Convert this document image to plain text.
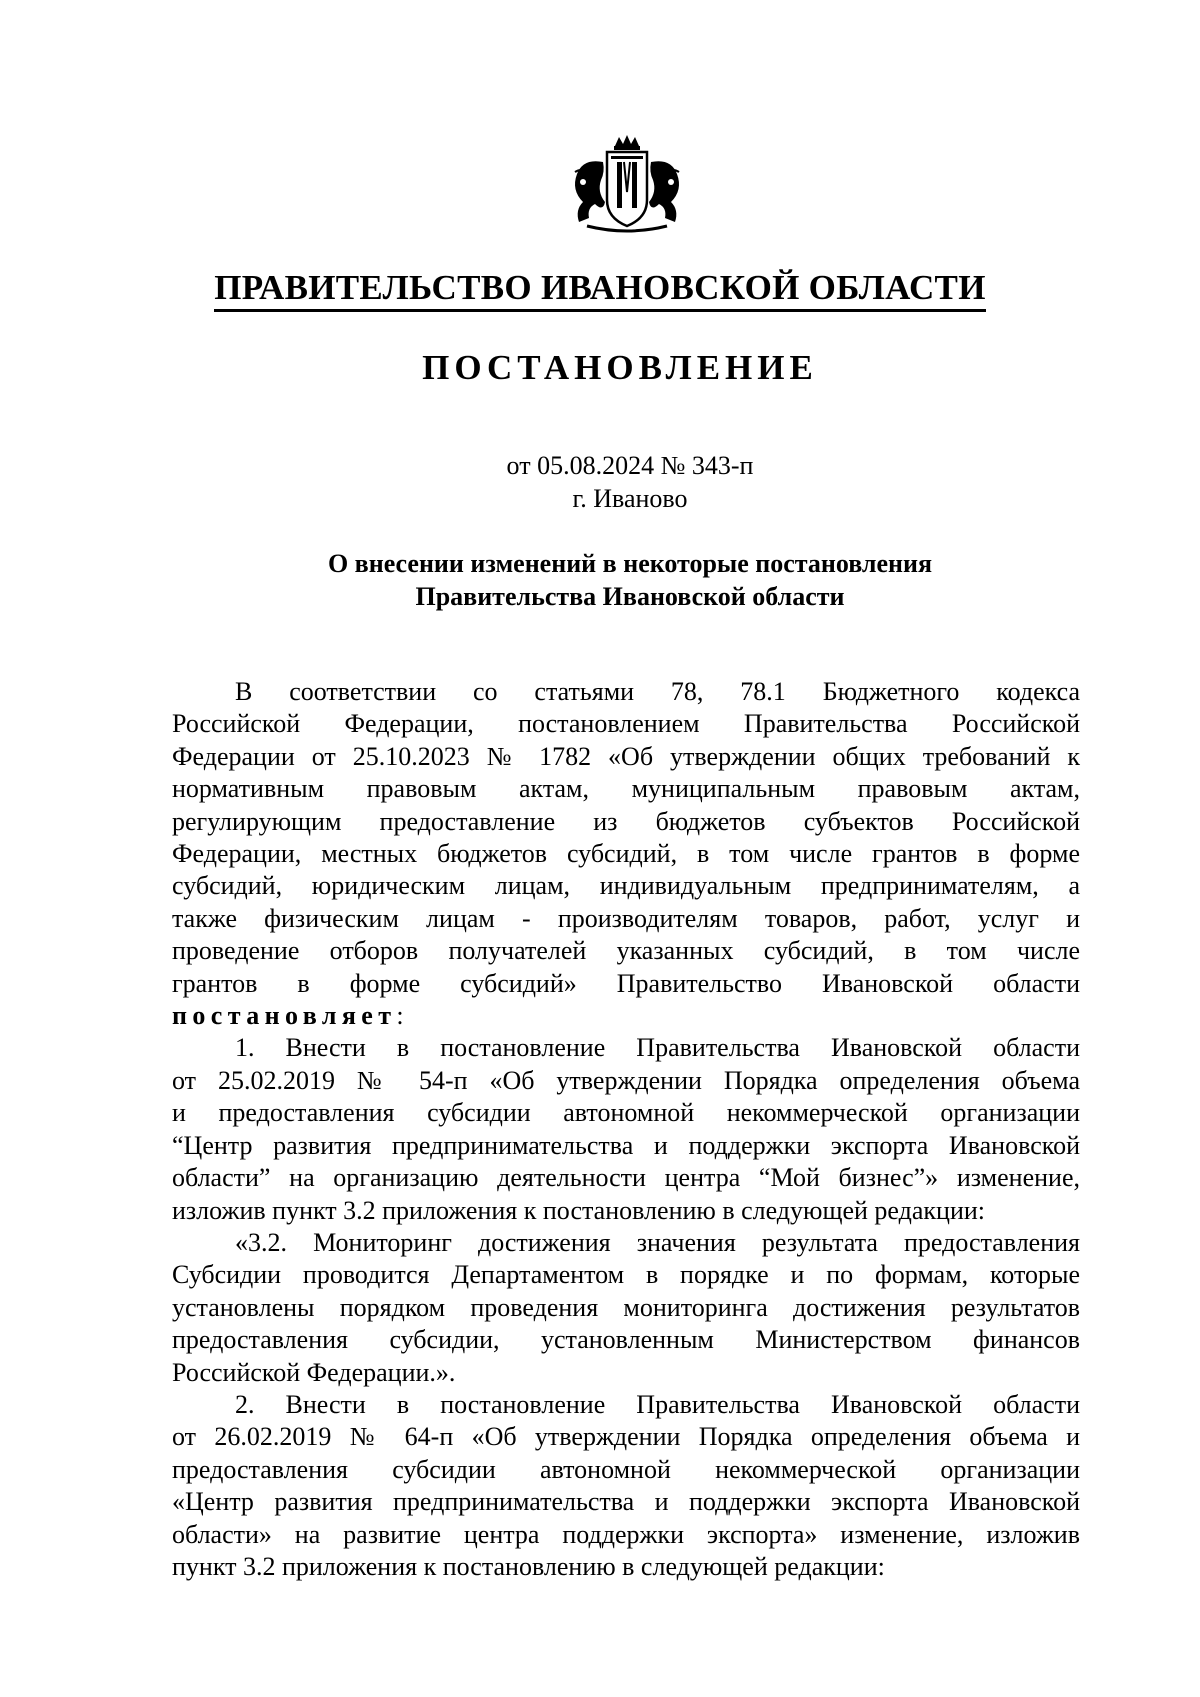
ПРАВИТЕЛЬСТВО ИВАНОВСКОЙ ОБЛАСТИ
ПОСТАНОВЛЕНИЕ
от 05.08.2024 № 343-п
г. Иваново
О внесении изменений в некоторые постановления
Правительства Ивановской области
В соответствии со статьями 78, 78.1 Бюджетного кодекса
Российской Федерации, постановлением Правительства Российской
Федерации от 25.10.2023 № 1782 «Об утверждении общих требований к
нормативным правовым актам, муниципальным правовым актам,
регулирующим предоставление из бюджетов субъектов Российской
Федерации, местных бюджетов субсидий, в том числе грантов в форме
субсидий, юридическим лицам, индивидуальным предпринимателям, а
также физическим лицам - производителям товаров, работ, услуг и
проведение отборов получателей указанных субсидий, в том числе
грантов в форме субсидий» Правительство Ивановской области
постановляет:
1. Внести в постановление Правительства Ивановской области
от 25.02.2019 № 54-п «Об утверждении Порядка определения объема
и предоставления субсидии автономной некоммерческой организации
“Центр развития предпринимательства и поддержки экспорта Ивановской
области” на организацию деятельности центра “Мой бизнес”» изменение,
изложив пункт 3.2 приложения к постановлению в следующей редакции:
«3.2. Мониторинг достижения значения результата предоставления
Субсидии проводится Департаментом в порядке и по формам, которые
установлены порядком проведения мониторинга достижения результатов
предоставления субсидии, установленным Министерством финансов
Российской Федерации.».
2. Внести в постановление Правительства Ивановской области
от 26.02.2019 № 64-п «Об утверждении Порядка определения объема и
предоставления субсидии автономной некоммерческой организации
«Центр развития предпринимательства и поддержки экспорта Ивановской
области» на развитие центра поддержки экспорта» изменение, изложив
пункт 3.2 приложения к постановлению в следующей редакции:
